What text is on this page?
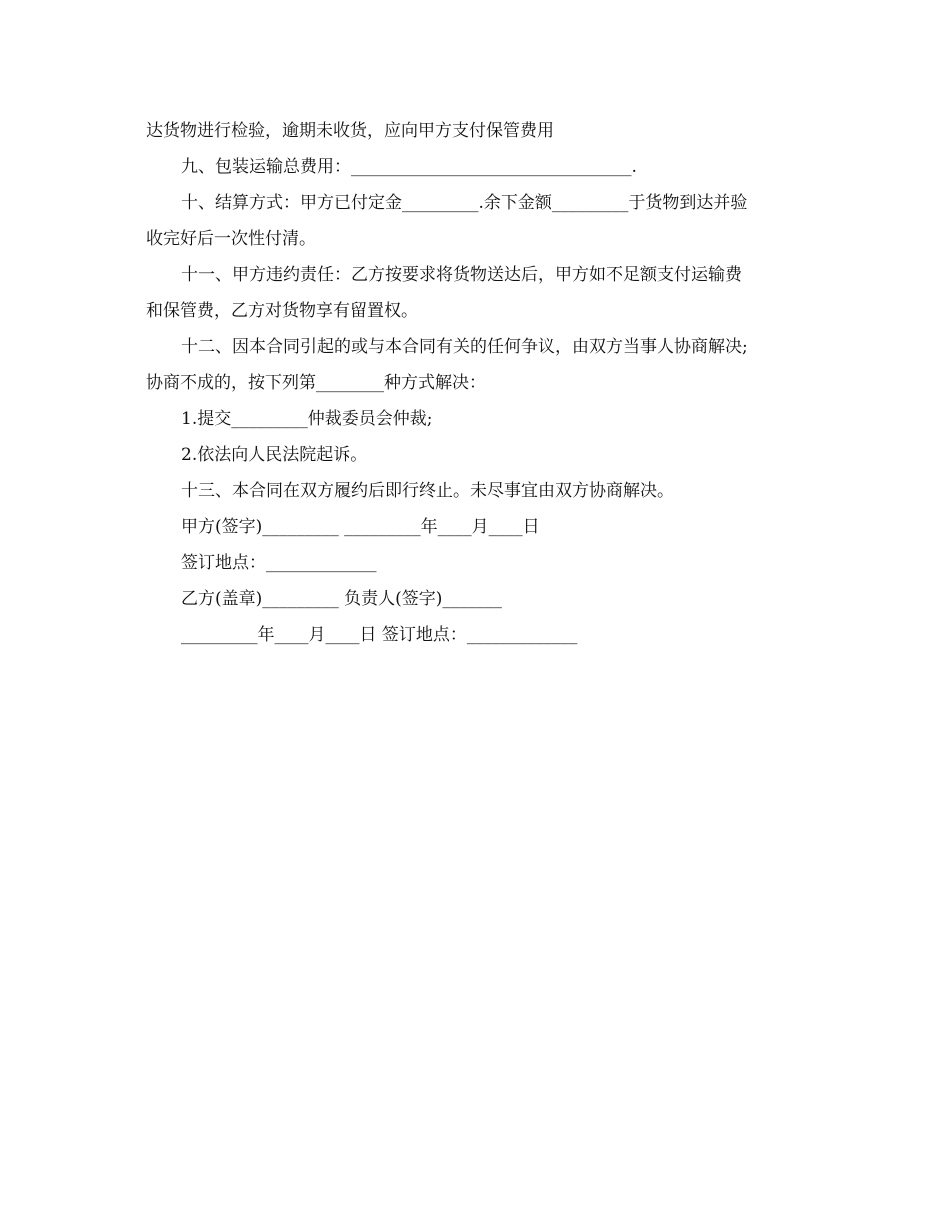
达货物进行检验，逾期未收货，应向甲方支付保管费用

九、包装运输总费用：_________________________________.

十、结算方式：甲方已付定金_________.余下金额_________于货物到达并验

收完好后一次性付清。

十一、甲方违约责任：乙方按要求将货物送达后，甲方如不足额支付运输费

和保管费，乙方对货物享有留置权。

十二、因本合同引起的或与本合同有关的任何争议，由双方当事人协商解决;

协商不成的，按下列第________种方式解决：

1.提交_________仲裁委员会仲裁;

2.依法向人民法院起诉。

十三、本合同在双方履约后即行终止。未尽事宜由双方协商解决。

甲方(签字)_________ _________年____月____日

签订地点：_____________

乙方(盖章)_________ 负责人(签字)_______

_________年____月____日 签订地点：_____________
